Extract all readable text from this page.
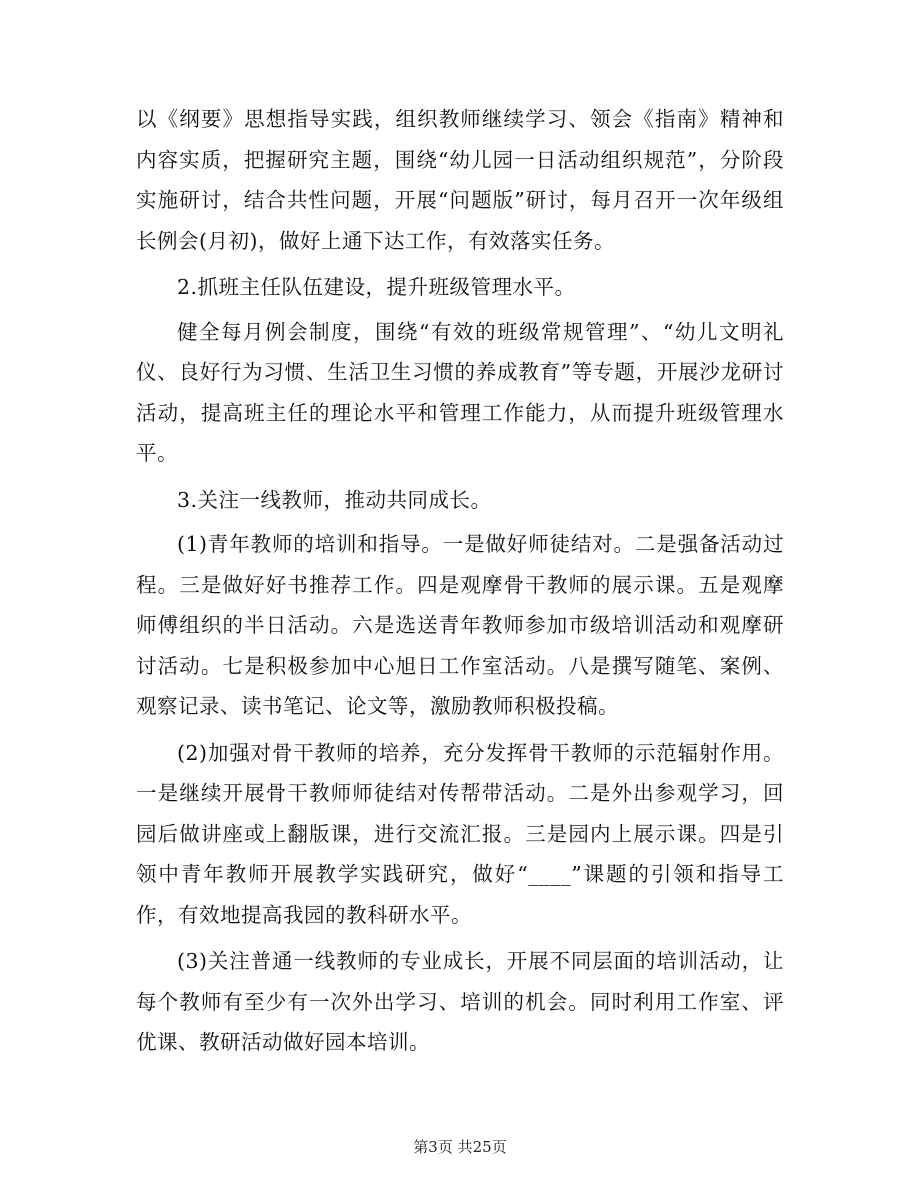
以《纲要》思想指导实践，组织教师继续学习、领会《指南》精神和内容实质，把握研究主题，围绕“幼儿园一日活动组织规范”，分阶段实施研讨，结合共性问题，开展“问题版”研讨，每月召开一次年级组长例会(月初)，做好上通下达工作，有效落实任务。

2.抓班主任队伍建设，提升班级管理水平。

健全每月例会制度，围绕“有效的班级常规管理”、“幼儿文明礼仪、良好行为习惯、生活卫生习惯的养成教育”等专题，开展沙龙研讨活动，提高班主任的理论水平和管理工作能力，从而提升班级管理水平。

3.关注一线教师，推动共同成长。

(1)青年教师的培训和指导。一是做好师徒结对。二是强备活动过程。三是做好好书推荐工作。四是观摩骨干教师的展示课。五是观摩师傅组织的半日活动。六是选送青年教师参加市级培训活动和观摩研讨活动。七是积极参加中心旭日工作室活动。八是撰写随笔、案例、观察记录、读书笔记、论文等，激励教师积极投稿。

(2)加强对骨干教师的培养，充分发挥骨干教师的示范辐射作用。一是继续开展骨干教师师徒结对传帮带活动。二是外出参观学习，回园后做讲座或上翻版课，进行交流汇报。三是园内上展示课。四是引领中青年教师开展教学实践研究，做好“____”课题的引领和指导工作，有效地提高我园的教科研水平。

(3)关注普通一线教师的专业成长，开展不同层面的培训活动，让每个教师有至少有一次外出学习、培训的机会。同时利用工作室、评优课、教研活动做好园本培训。

第3页 共25页
